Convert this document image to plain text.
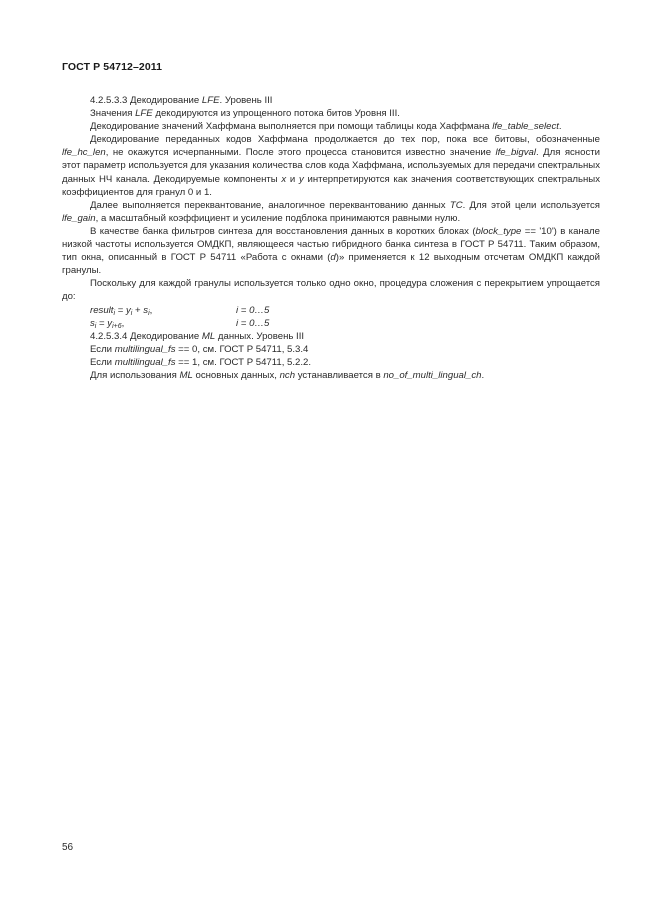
ГОСТ Р 54712–2011

4.2.5.3.3 Декодирование LFE. Уровень III

Значения LFE декодируются из упрощенного потока битов Уровня III.

Декодирование значений Хаффмана выполняется при помощи таблицы кода Хаффмана lfe_table_select.

Декодирование переданных кодов Хаффмана продолжается до тех пор, пока все битовы, обозначенные lfe_hc_len, не окажутся исчерпанными. После этого процесса становится известно значение lfe_bigval. Для ясности этот параметр используется для указания количества слов кода Хаффмана, используемых для передачи спектральных данных НЧ канала. Декодируемые компоненты x и y интерпретируются как значения соответствующих спектральных коэффициентов для гранул 0 и 1.

Далее выполняется переквантование, аналогичное переквантованию данных TC. Для этой цели используется lfe_gain, а масштабный коэффициент и усиление подблока принимаются равными нулю.

В качестве банка фильтров синтеза для восстановления данных в коротких блоках (block_type == '10') в канале низкой частоты используется ОМДКП, являющееся частью гибридного банка синтеза в ГОСТ Р 54711. Таким образом, тип окна, описанный в ГОСТ Р 54711 «Работа с окнами (d)» применяется к 12 выходным отсчетам ОМДКП каждой гранулы.

Поскольку для каждой гранулы используется только одно окно, процедура сложения с перекрытием упрощается до:

result$_i$ = $y_i + s_i$,	i = 0…5
$s_i = y_{i+6}$,	i = 0…5

4.2.5.3.4 Декодирование ML данных. Уровень III

Если multilingual_fs == 0, см. ГОСТ Р 54711, 5.3.4

Если multilingual_fs == 1, см. ГОСТ Р 54711, 5.2.2.

Для использования ML основных данных, nch устанавливается в no_of_multi_lingual_ch.

56
